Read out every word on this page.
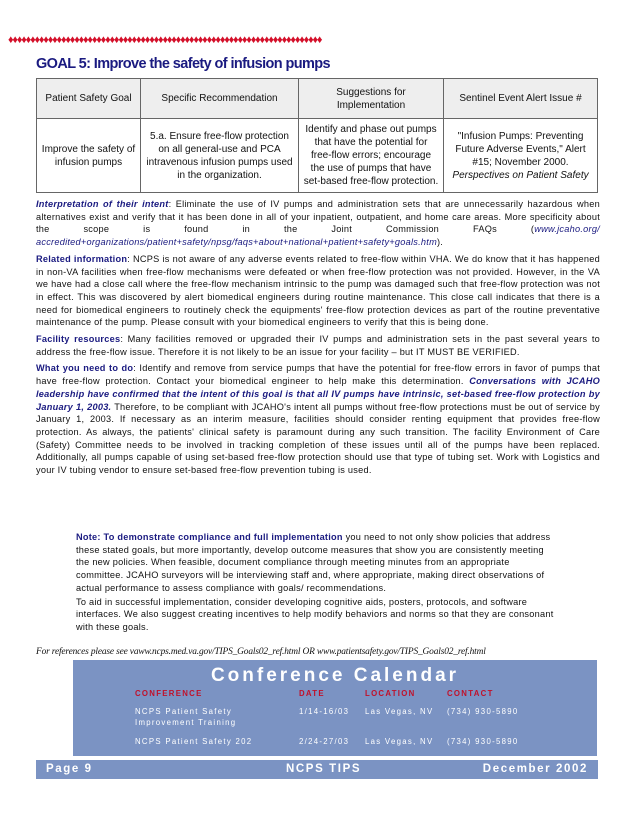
♦♦♦♦♦♦♦♦♦♦♦♦♦♦♦♦♦♦♦♦♦♦♦♦♦♦♦♦♦♦♦♦♦♦♦♦♦♦♦♦♦♦♦♦♦♦♦♦♦♦♦♦♦♦♦♦♦♦♦♦♦♦♦♦♦♦♦♦♦♦♦
GOAL 5: Improve the safety of infusion pumps
Patient Safety Goal	Specific Recommendation	Suggestions for Implementation	Sentinel Event Alert Issue #
Improve the safety of infusion pumps	5.a. Ensure free-flow protection on all general-use and PCA intravenous infusion pumps used in the organization.	Identify and phase out pumps that have the potential for free-flow errors; encourage the use of pumps that have set-based free-flow protection.	"Infusion Pumps: Preventing Future Adverse Events," Alert #15; November 2000.
Perspectives on Patient Safety

Interpretation of their intent: Eliminate the use of IV pumps and administration sets that are unnecessarily hazardous when alternatives exist and verify that it has been done in all of your inpatient, outpatient, and home care areas. More specificity about the scope is found in the Joint Commission FAQs (www.jcaho.org/ accredited+organizations/patient+safety/npsg/faqs+about+national+patient+safety+goals.htm).

Related information: NCPS is not aware of any adverse events related to free-flow within VHA. We do know that it has happened in non-VA facilities when free-flow mechanisms were defeated or when free-flow protection was not provided. However, in the VA we have had a close call where the free-flow mechanism intrinsic to the pump was damaged such that free-flow protection was not in effect. This was discovered by alert biomedical engineers during routine maintenance. This close call indicates that there is a need for biomedical engineers to routinely check the equipments' free-flow protection devices as part of the routine preventative maintenance of the pump. Please consult with your biomedical engineers to verify that this is being done.

Facility resources: Many facilities removed or upgraded their IV pumps and administration sets in the past several years to address the free-flow issue. Therefore it is not likely to be an issue for your facility – but IT MUST BE VERIFIED.

What you need to do: Identify and remove from service pumps that have the potential for free-flow errors in favor of pumps that have free-flow protection. Contact your biomedical engineer to help make this determination. Conversations with JCAHO leadership have confirmed that the intent of this goal is that all IV pumps have intrinsic, set-based free-flow protection by January 1, 2003. Therefore, to be compliant with JCAHO's intent all pumps without free-flow protections must be out of service by January 1, 2003. If necessary as an interim measure, facilities should consider renting equipment that provides free-flow protection. As always, the patients' clinical safety is paramount during any such transition. The facility Environment of Care (Safety) Committee needs to be involved in tracking completion of these issues until all of the pumps have been replaced. Additionally, all pumps capable of using set-based free-flow protection should use that type of tubing set. Work with Logistics and your IV tubing vendor to ensure set-based free-flow prevention tubing is used.

Note: To demonstrate compliance and full implementation you need to not only show policies that address these stated goals, but more importantly, develop outcome measures that show you are consistently meeting the new policies. When feasible, document compliance through meeting minutes from an appropriate committee. JCAHO surveyors will be interviewing staff and, where appropriate, making direct observations of actual performance to assess compliance with goals/ recommendations.

To aid in successful implementation, consider developing cognitive aids, posters, protocols, and software interfaces. We also suggest creating incentives to help modify behaviors and norms so that they are consonant with these goals.

For references please see vaww.ncps.med.va.gov/TIPS_Goals02_ref.html OR www.patientsafety.gov/TIPS_Goals02_ref.html
Conference Calendar
CONFERENCE	DATE	LOCATION	CONTACT
NCPS Patient Safety Improvement Training
1/14-16/03 Las Vegas, NV (734) 930-5890
NCPS Patient Safety 202	2/24-27/03 Las Vegas, NV (734) 930-5890
Page 9	NCPS TIPS	December 2002
